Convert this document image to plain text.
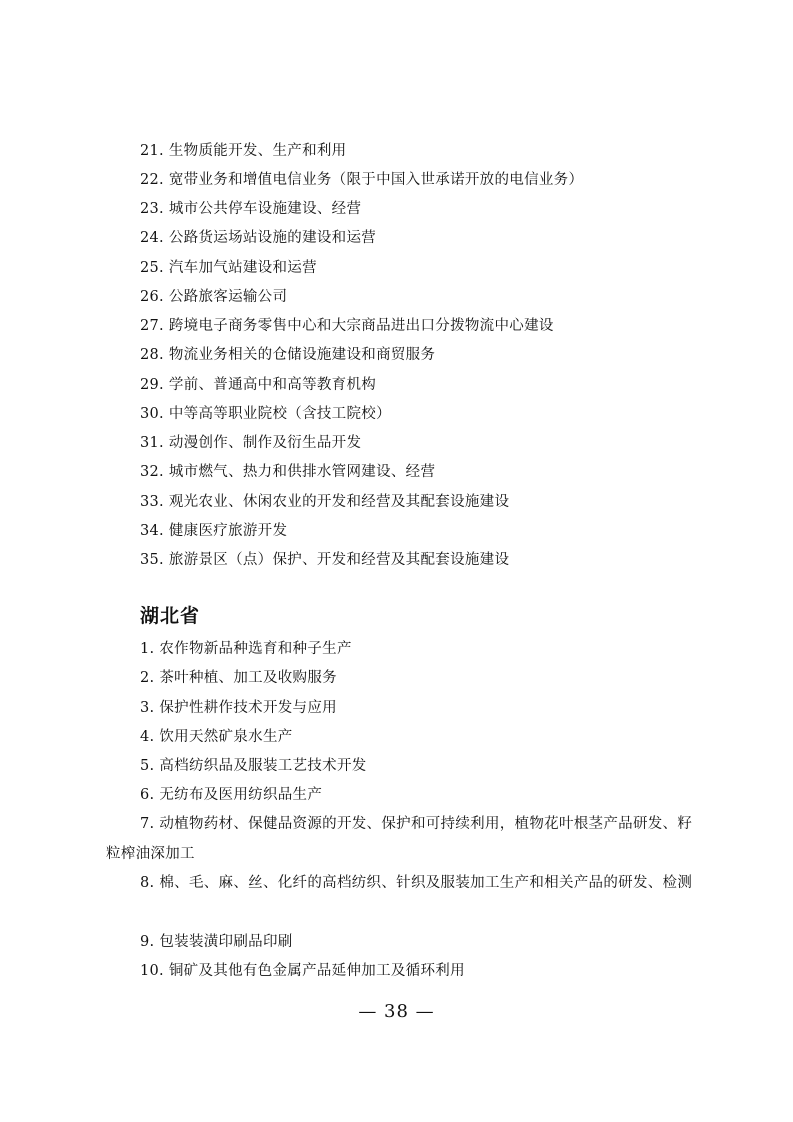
21. 生物质能开发、生产和利用
22. 宽带业务和增值电信业务（限于中国入世承诺开放的电信业务）
23. 城市公共停车设施建设、经营
24. 公路货运场站设施的建设和运营
25. 汽车加气站建设和运营
26. 公路旅客运输公司
27. 跨境电子商务零售中心和大宗商品进出口分拨物流中心建设
28. 物流业务相关的仓储设施建设和商贸服务
29. 学前、普通高中和高等教育机构
30. 中等高等职业院校（含技工院校）
31. 动漫创作、制作及衍生品开发
32. 城市燃气、热力和供排水管网建设、经营
33. 观光农业、休闲农业的开发和经营及其配套设施建设
34. 健康医疗旅游开发
35. 旅游景区（点）保护、开发和经营及其配套设施建设
湖北省
1. 农作物新品种选育和种子生产
2. 茶叶种植、加工及收购服务
3. 保护性耕作技术开发与应用
4. 饮用天然矿泉水生产
5. 高档纺织品及服装工艺技术开发
6. 无纺布及医用纺织品生产
7. 动植物药材、保健品资源的开发、保护和可持续利用，植物花叶根茎产品研发、籽粒榨油深加工
8. 棉、毛、麻、丝、化纤的高档纺织、针织及服装加工生产和相关产品的研发、检测
9. 包装装潢印刷品印刷
10. 铜矿及其他有色金属产品延伸加工及循环利用
— 38 —
